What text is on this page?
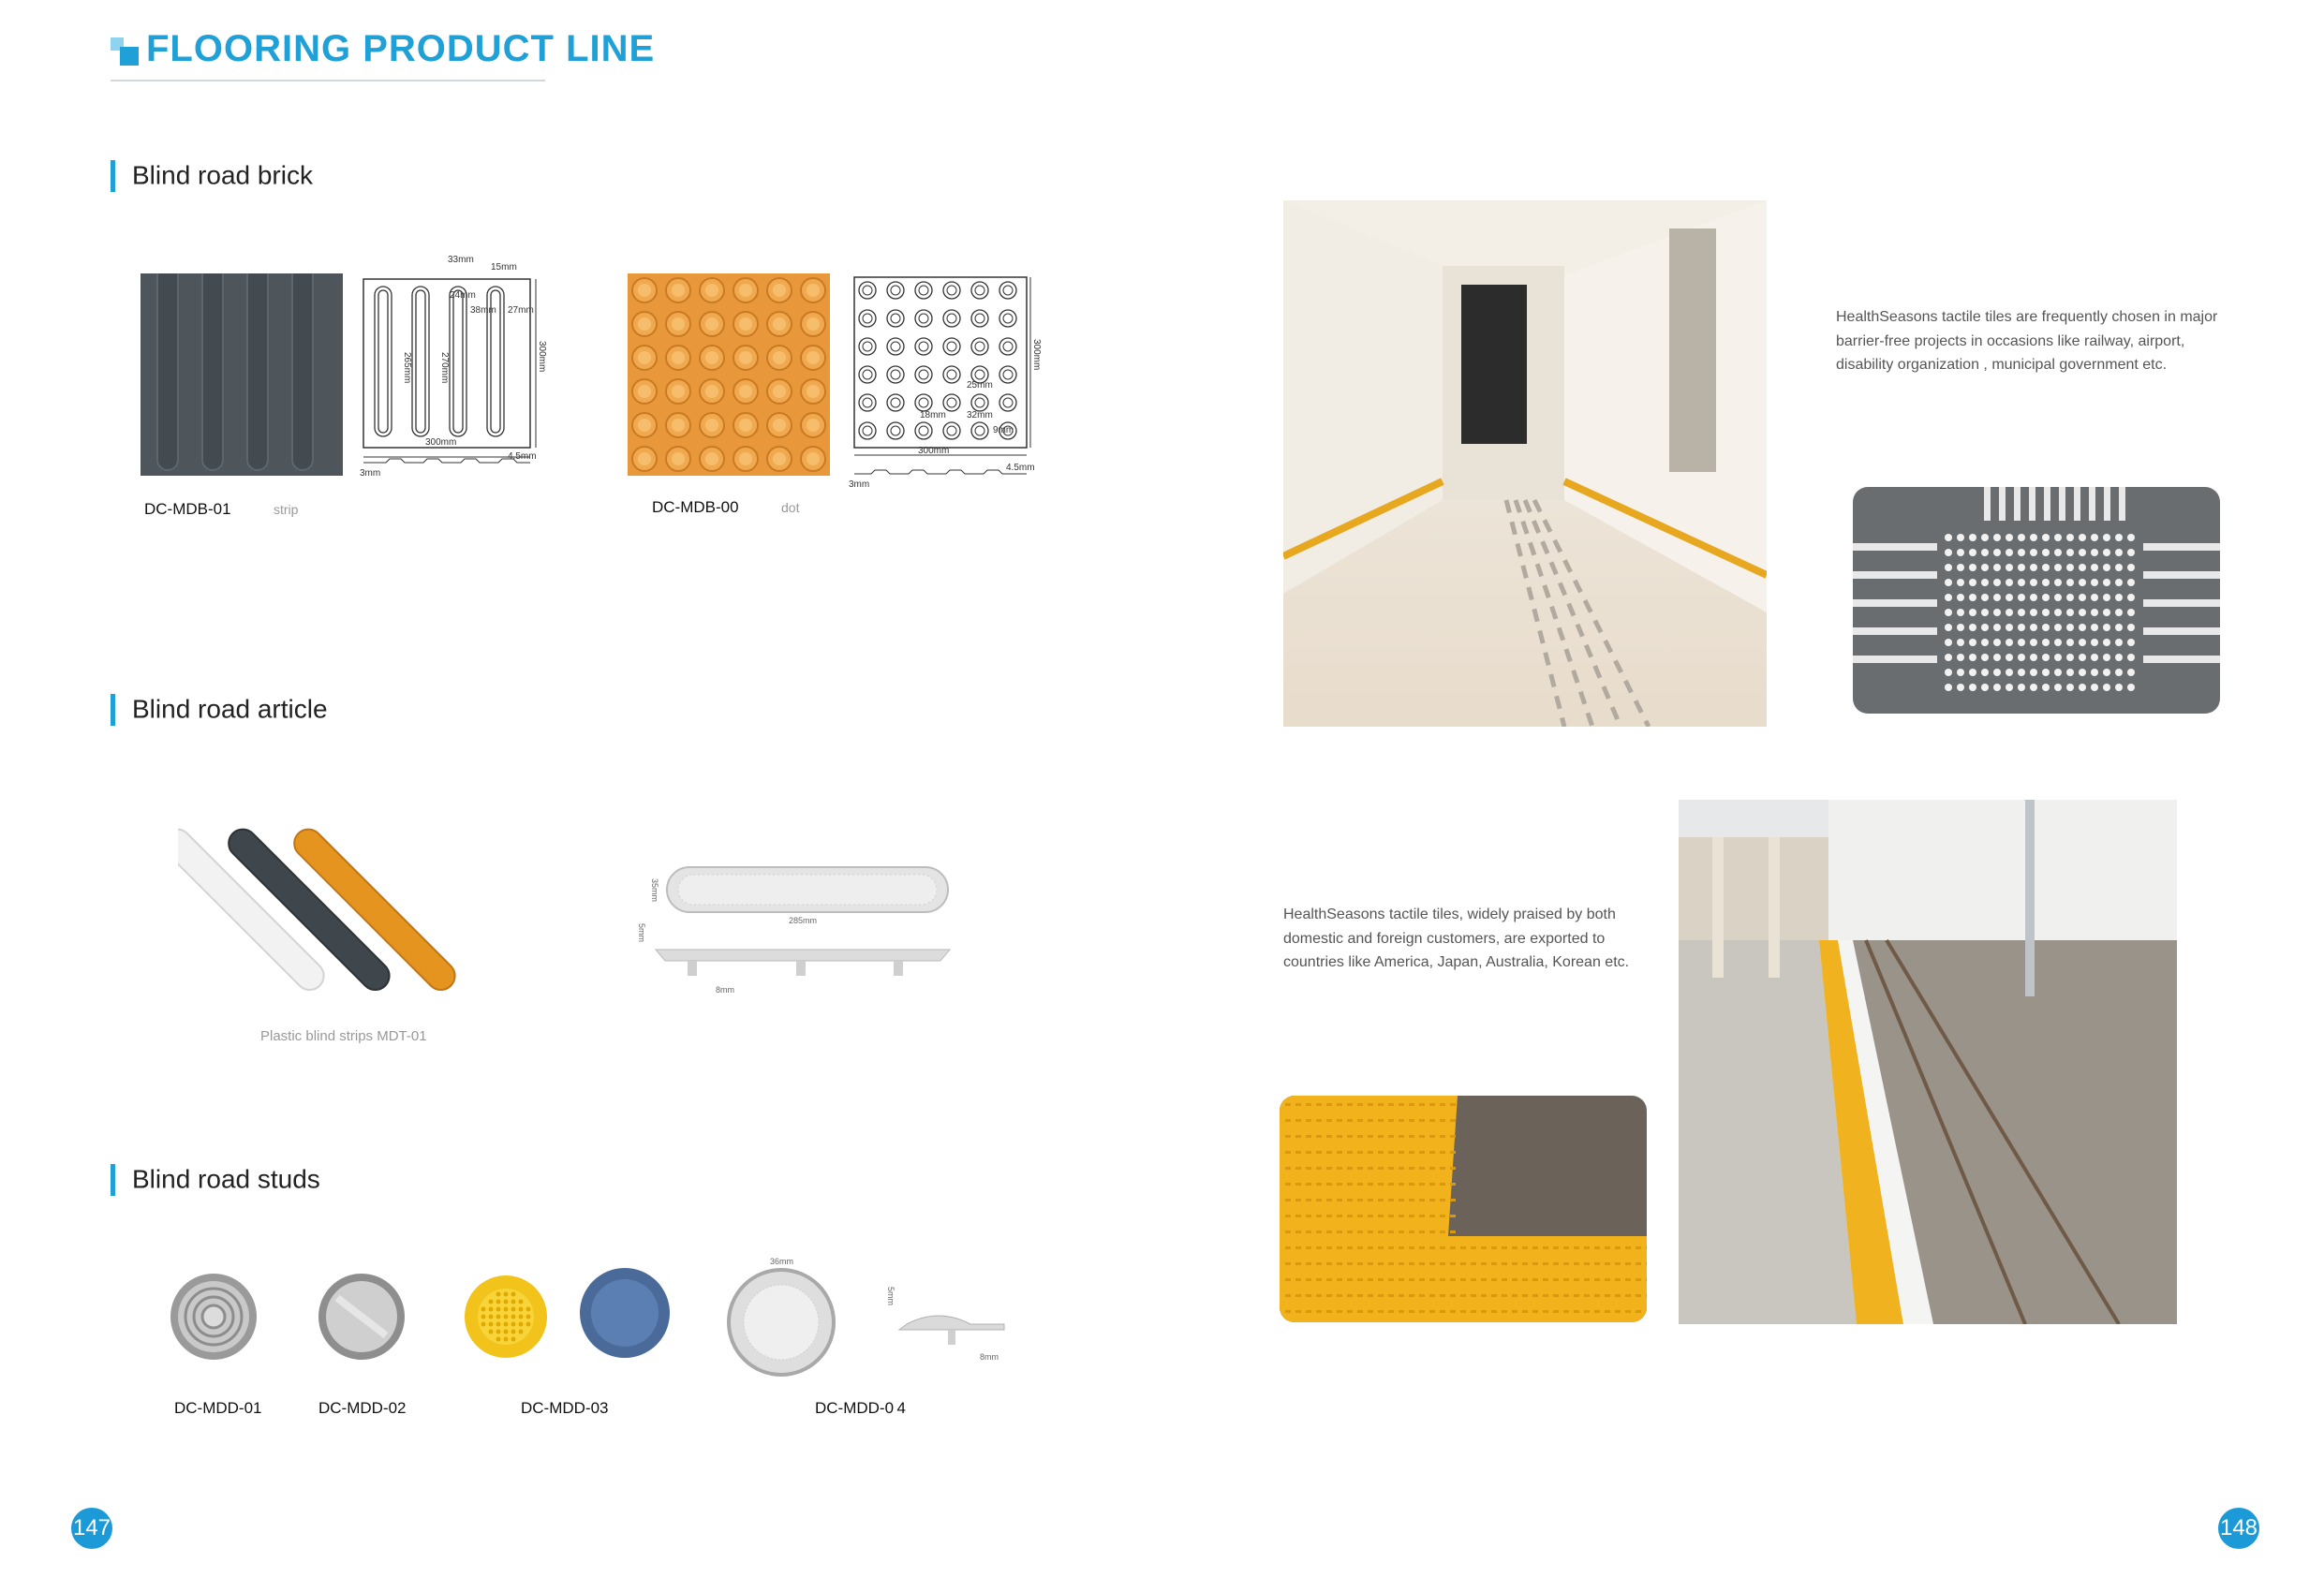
FLOORING PRODUCT LINE
Blind road brick
33mm
15mm
24mm
38mm 27mm
265mm	270mm	300mm
300mm
3mm
4.5mm
DC-MDB-01	strip
300mm
25mm
18mm 32mm
9mm
300mm
3mm
4.5mm
DC-MDB-00	dot
Blind road article
Plastic blind strips MDT-01
35mm
285mm
5mm
8mm
Blind road studs
36mm
5mm
8mm
DC-MDD-01	DC-MDD-02	DC-MDD-03	DC-MDD-0 4
HealthSeasons tactile tiles are frequently chosen in major barrier-free projects in occasions like railway, airport, disability organization , municipal government etc.
HealthSeasons tactile tiles, widely praised by both domestic and foreign customers, are exported to countries like America, Japan, Australia, Korean etc.
147	148
